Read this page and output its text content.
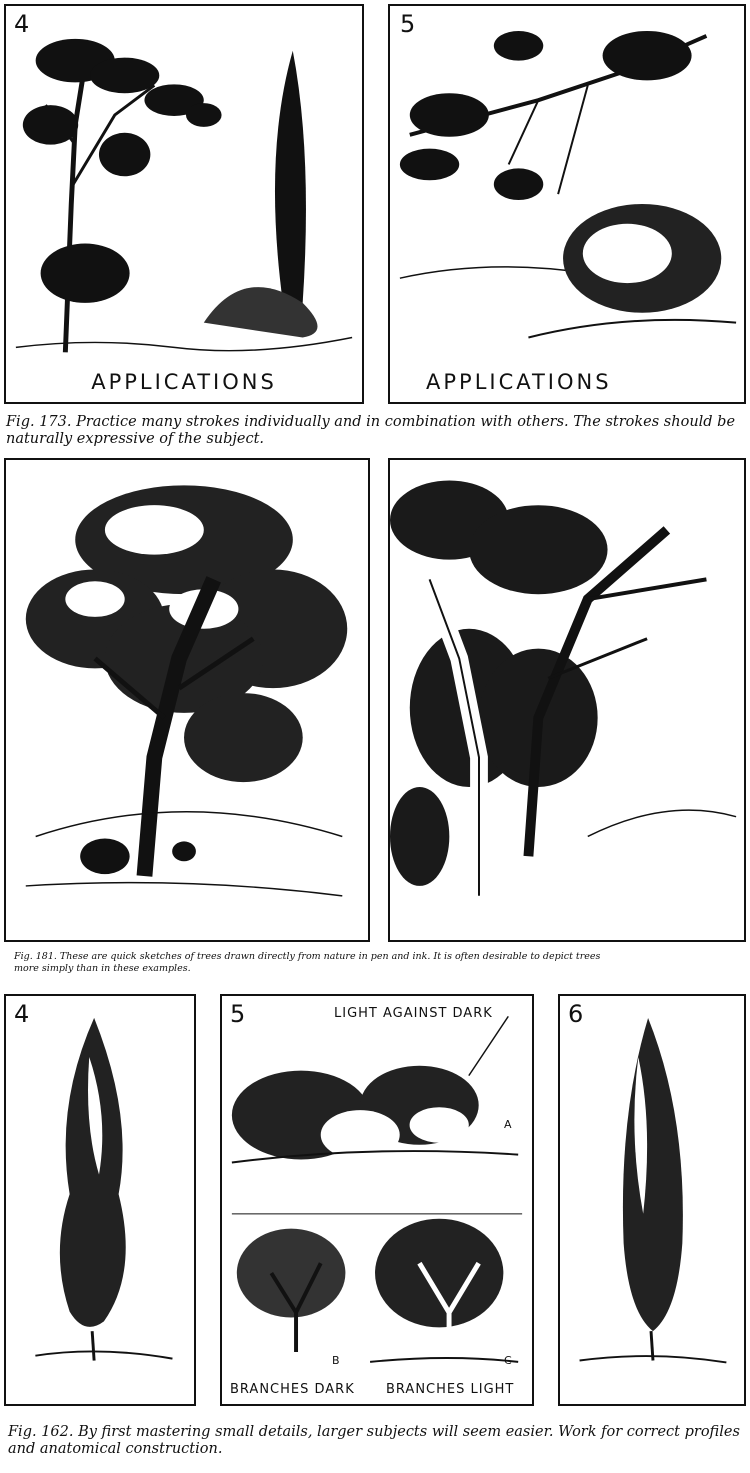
4
APPLICATIONS
5
APPLICATIONS
Fig. 173. Practice many strokes individually and in combination with others. The strokes should be naturally expressive of the subject.
Fig. 181. These are quick sketches of trees drawn directly from nature in pen and ink. It is often desirable to depict trees more simply than in these examples.
4	5	LIGHT AGAINST DARK
A
B	C
BRANCHES DARK BRANCHES LIGHT
6
Fig. 162. By first mastering small details, larger subjects will seem easier. Work for correct profiles and anatomical construction.
